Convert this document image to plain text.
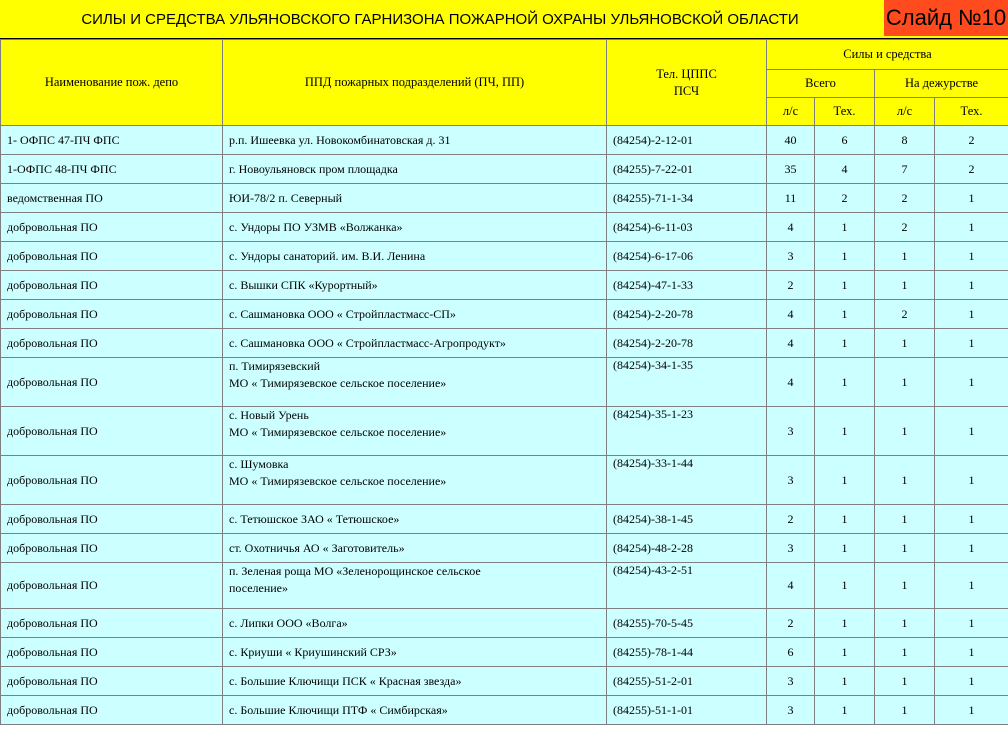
СИЛЫ И СРЕДСТВА УЛЬЯНОВСКОГО ГАРНИЗОНА ПОЖАРНОЙ ОХРАНЫ УЛЬЯНОВСКОЙ ОБЛАСТИ	Слайд №10
Наименование пож. депо	ППД пожарных подразделений (ПЧ, ПП)	Тел. ЦППС
ПСЧ	Силы и средства			
			Всего		На дежурстве	
			л/с	Тех.	л/с	Тех.
1- ОФПС 47-ПЧ ФПС	р.п. Ишеевка ул. Новокомбинатовская д. 31	(84254)-2-12-01	40	6	8	2
1-ОФПС 48-ПЧ ФПС	г. Новоульяновск пром площадка	(84255)-7-22-01	35	4	7	2
ведомственная ПО	ЮИ-78/2 п. Северный	(84255)-71-1-34	11	2	2	1
добровольная ПО	с. Ундоры ПО УЗМВ «Волжанка»	(84254)-6-11-03	4	1	2	1
добровольная ПО	с. Ундоры санаторий. им. В.И. Ленина	(84254)-6-17-06	3	1	1	1
добровольная ПО	с. Вышки СПК «Курортный»	(84254)-47-1-33	2	1	1	1
добровольная ПО	с. Сашмановка ООО « Стройпластмасс-СП»	(84254)-2-20-78	4	1	2	1
добровольная ПО	с. Сашмановка ООО « Стройпластмасс-Агропродукт»	(84254)-2-20-78	4	1	1	1
добровольная ПО	п. Тимирязевский
МО « Тимирязевское сельское поселение»	(84254)-34-1-35	4	1	1	1
добровольная ПО	с. Новый Урень
МО « Тимирязевское сельское поселение»	(84254)-35-1-23	3	1	1	1
добровольная ПО	с. Шумовка
МО « Тимирязевское сельское поселение»	(84254)-33-1-44	3	1	1	1
добровольная ПО	с. Тетюшское ЗАО « Тетюшское»	(84254)-38-1-45	2	1	1	1
добровольная ПО	ст. Охотничья АО « Заготовитель»	(84254)-48-2-28	3	1	1	1
добровольная ПО	п. Зеленая роща МО «Зеленорощинское сельское
поселение»	(84254)-43-2-51	4	1	1	1
добровольная ПО	с. Липки ООО «Волга»	(84255)-70-5-45	2	1	1	1
добровольная ПО	с. Криуши « Криушинский СРЗ»	(84255)-78-1-44	6	1	1	1
добровольная ПО	с. Большие Ключищи ПСК « Красная звезда»	(84255)-51-2-01	3	1	1	1
добровольная ПО	с. Большие Ключищи ПТФ « Симбирская»	(84255)-51-1-01	3	1	1	1
